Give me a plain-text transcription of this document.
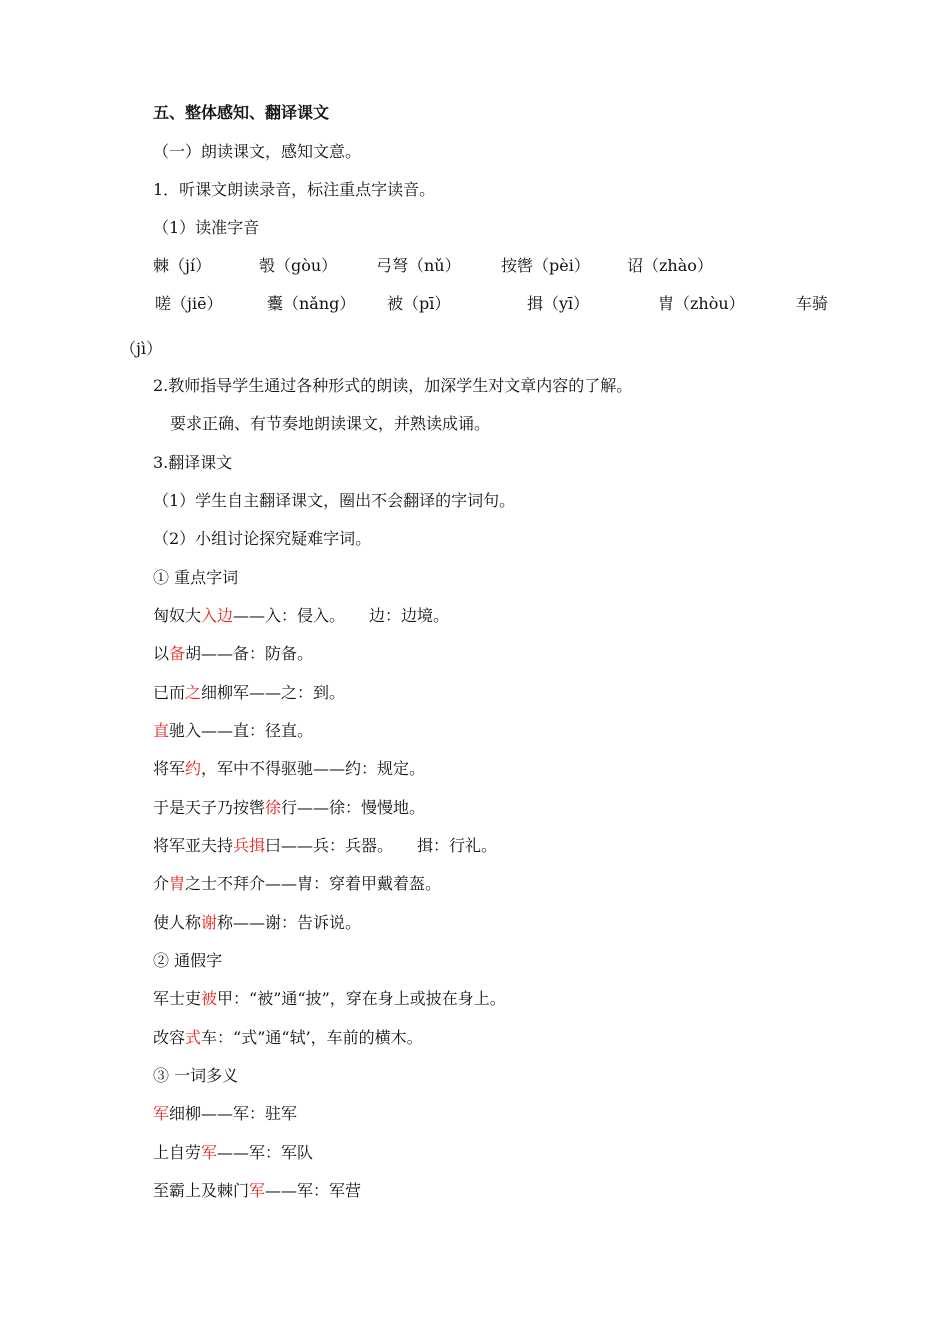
五、整体感知、翻译课文
（一）朗读课文，感知文意。
1．听课文朗读录音，标注重点字读音。
（1）读准字音
棘（jí）	彀（gòu） 弓弩（nǔ）	按辔（pèi） 诏（zhào）
嗟（jiē）	櫜（nǎng） 被（pī）	揖（yī）	胄（zhòu）	车骑
（jì）
2.教师指导学生通过各种形式的朗读，加深学生对文章内容的了解。
要求正确、有节奏地朗读课文，并熟读成诵。
3.翻译课文
（1）学生自主翻译课文，圈出不会翻译的字词句。
（2）小组讨论探究疑难字词。
① 重点字词
匈奴大入边——入：侵入。　　边：边境。
以备胡——备：防备。
已而之细柳军——之：到。
直驰入——直：径直。
将军约，军中不得驱驰——约：规定。
于是天子乃按辔徐行——徐：慢慢地。
将军亚夫持兵揖曰——兵：兵器。　　揖：行礼。
介胄之士不拜介——胄：穿着甲戴着盔。
使人称谢称——谢：告诉说。
② 通假字
军士吏被甲：“被”通“披”，穿在身上或披在身上。
改容式车：“式”通“轼’，车前的横木。
③ 一词多义
军细柳——军：驻军
上自劳军——军：军队
至霸上及棘门军——军：军营
